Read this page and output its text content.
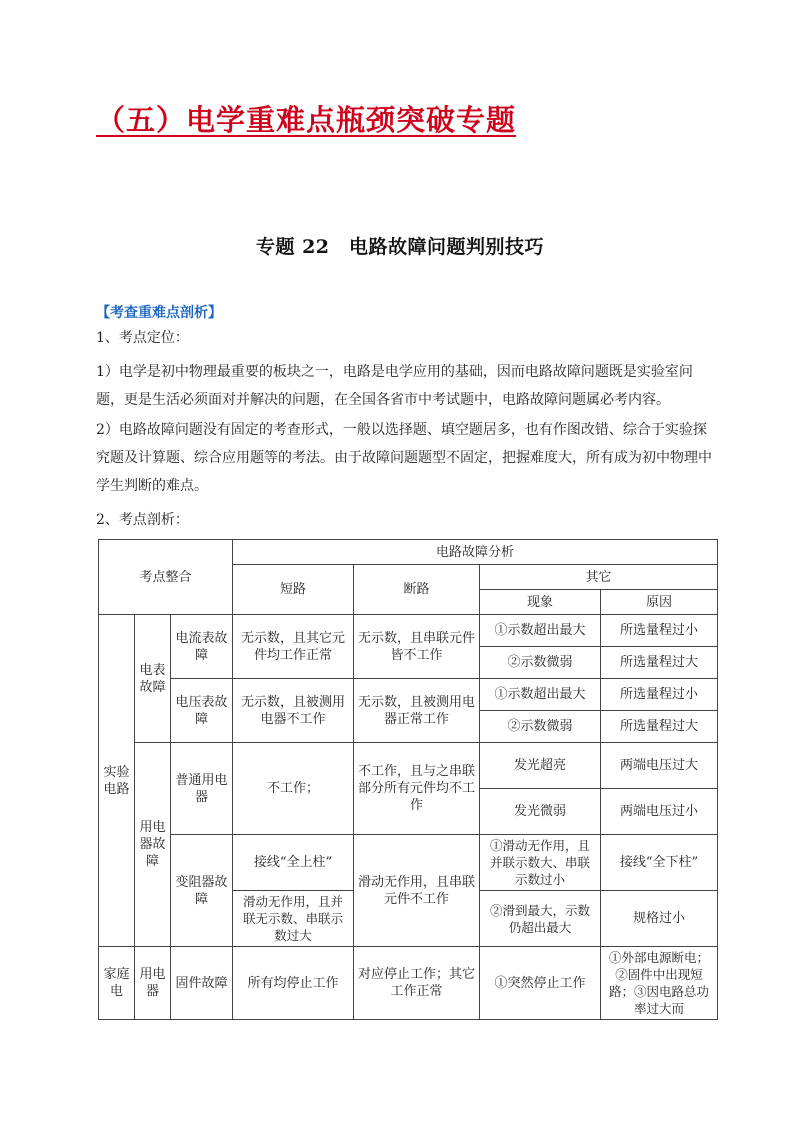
（五）电学重难点瓶颈突破专题
专题 22　电路故障问题判别技巧
【考查重难点剖析】
1、考点定位：
1）电学是初中物理最重要的板块之一，电路是电学应用的基础，因而电路故障问题既是实验室问题，更是生活必须面对并解决的问题，在全国各省市中考试题中，电路故障问题属必考内容。
2）电路故障问题没有固定的考查形式，一般以选择题、填空题居多，也有作图改错、综合于实验探究题及计算题、综合应用题等的考法。由于故障问题题型不固定，把握难度大，所有成为初中物理中学生判断的难点。
2、考点剖析：
考点整合			电路故障分析			
			短路	断路	其它	
					现象	原因
实验电路	电表故障	电流表故障	无示数，且其它元件均工作正常	无示数，且串联元件皆不工作	①示数超出最大	所选量程过小
					②示数微弱	所选量程过大
		电压表故障	无示数，且被测用电器不工作	无示数，且被测用电器正常工作	①示数超出最大	所选量程过小
					②示数微弱	所选量程过大
	用电器故障	普通用电器	不工作；	不工作，且与之串联部分所有元件均不工作	发光超亮	两端电压过大
					发光微弱	两端电压过小
		变阻器故障	接线“全上柱”	滑动无作用，且串联元件不工作	①滑动无作用，且并联示数大、串联示数过小	接线“全下柱”
			滑动无作用，且并联无示数、串联示数过大		②滑到最大，示数仍超出最大	规格过小
家庭电	用电器	固件故障	所有均停止工作	对应停止工作；其它工作正常	①突然停止工作	①外部电源断电；②固件中出现短路；③因电路总功率过大而
